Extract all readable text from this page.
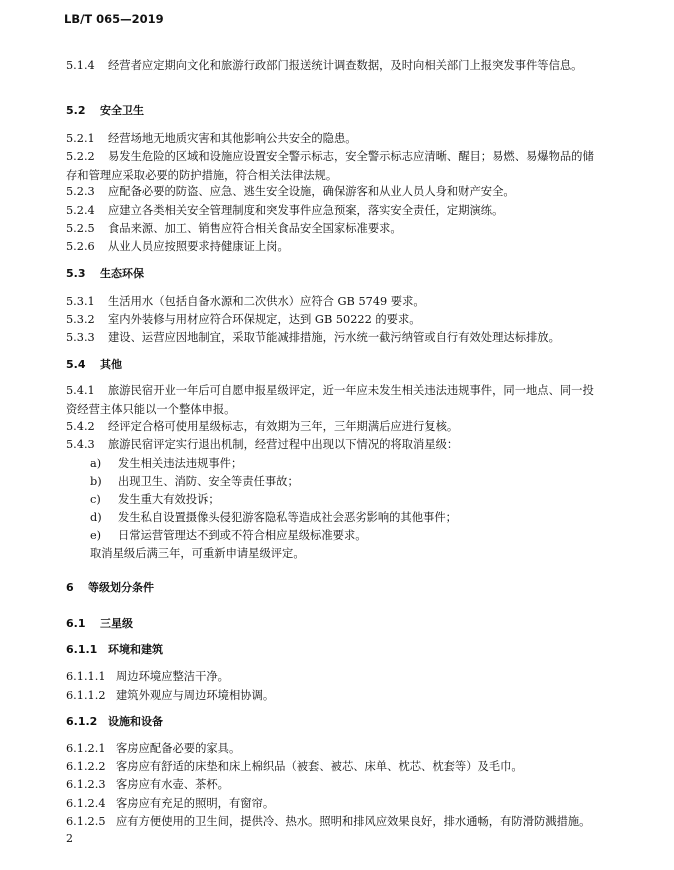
LB/T 065—2019
5.1.4 经营者应定期向文化和旅游行政部门报送统计调查数据，及时向相关部门上报突发事件等信息。
5.2 安全卫生
5.2.1 经营场地无地质灾害和其他影响公共安全的隐患。
5.2.2 易发生危险的区域和设施应设置安全警示标志，安全警示标志应清晰、醒目；易燃、易爆物品的储存和管理应采取必要的防护措施，符合相关法律法规。
5.2.3 应配备必要的防盗、应急、逃生安全设施，确保游客和从业人员人身和财产安全。
5.2.4 应建立各类相关安全管理制度和突发事件应急预案，落实安全责任，定期演练。
5.2.5 食品来源、加工、销售应符合相关食品安全国家标准要求。
5.2.6 从业人员应按照要求持健康证上岗。
5.3 生态环保
5.3.1 生活用水（包括自备水源和二次供水）应符合 GB 5749 要求。
5.3.2 室内外装修与用材应符合环保规定，达到 GB 50222 的要求。
5.3.3 建设、运营应因地制宜，采取节能减排措施，污水统一截污纳管或自行有效处理达标排放。
5.4 其他
5.4.1 旅游民宿开业一年后可自愿申报星级评定，近一年应未发生相关违法违规事件，同一地点、同一投资经营主体只能以一个整体申报。
5.4.2 经评定合格可使用星级标志，有效期为三年，三年期满后应进行复核。
5.4.3 旅游民宿评定实行退出机制，经营过程中出现以下情况的将取消星级：
a) 发生相关违法违规事件；
b) 出现卫生、消防、安全等责任事故；
c) 发生重大有效投诉；
d) 发生私自设置摄像头侵犯游客隐私等造成社会恶劣影响的其他事件；
e) 日常运营管理达不到或不符合相应星级标准要求。
取消星级后满三年，可重新申请星级评定。
6 等级划分条件
6.1 三星级
6.1.1 环境和建筑
6.1.1.1 周边环境应整洁干净。
6.1.1.2 建筑外观应与周边环境相协调。
6.1.2 设施和设备
6.1.2.1 客房应配备必要的家具。
6.1.2.2 客房应有舒适的床垫和床上棉织品（被套、被芯、床单、枕芯、枕套等）及毛巾。
6.1.2.3 客房应有水壶、茶杯。
6.1.2.4 客房应有充足的照明，有窗帘。
6.1.2.5 应有方便使用的卫生间，提供冷、热水。照明和排风应效果良好，排水通畅，有防滑防溅措施。
2
